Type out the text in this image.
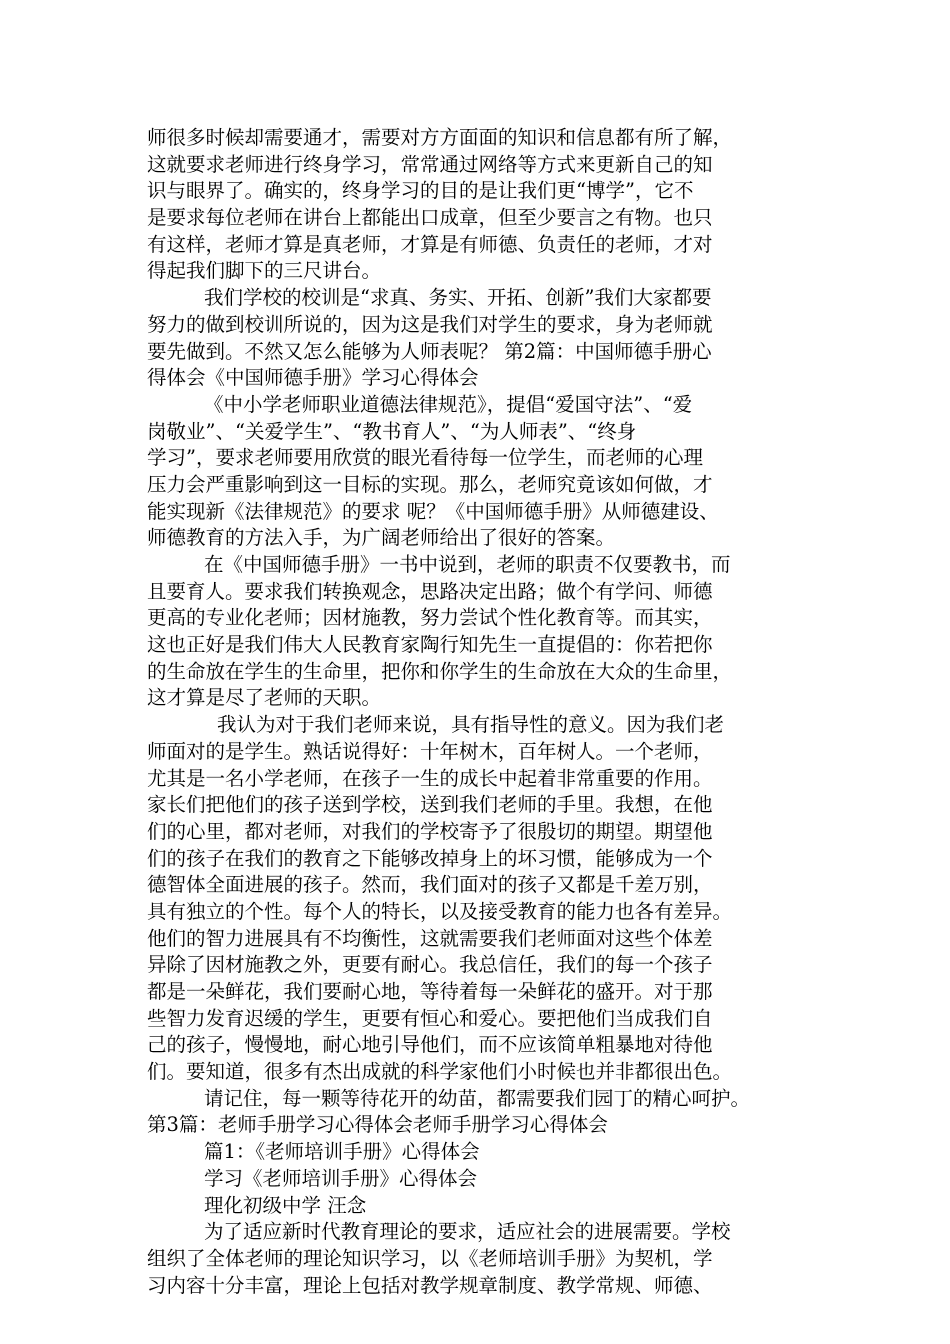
师很多时候却需要通才，需要对方方面面的知识和信息都有所了解，
这就要求老师进行终身学习，常常通过网络等方式来更新自己的知
识与眼界了。确实的，终身学习的目的是让我们更“博学”，它不
是要求每位老师在讲台上都能出口成章，但至少要言之有物。也只
有这样，老师才算是真老师，才算是有师德、负责任的老师，才对
得起我们脚下的三尺讲台。
我们学校的校训是“求真、务实、开拓、创新”我们大家都要
努力的做到校训所说的，因为这是我们对学生的要求，身为老师就
要先做到。不然又怎么能够为人师表呢？ 第2篇：中国师德手册心
得体会《中国师德手册》学习心得体会
《中小学老师职业道德法律规范》，提倡“爱国守法”、“爱
岗敬业”、“关爱学生”、“教书育人”、“为人师表”、“终身
学习”，要求老师要用欣赏的眼光看待每一位学生，而老师的心理
压力会严重影响到这一目标的实现。那么，老师究竟该如何做，才
能实现新《法律规范》的要求 呢？《中国师德手册》从师德建设、
师德教育的方法入手，为广阔老师给出了很好的答案。
在《中国师德手册》一书中说到，老师的职责不仅要教书，而
且要育人。要求我们转换观念，思路决定出路；做个有学问、师德
更高的专业化老师；因材施教，努力尝试个性化教育等。而其实，
这也正好是我们伟大人民教育家陶行知先生一直提倡的：你若把你
的生命放在学生的生命里，把你和你学生的生命放在大众的生命里，
这才算是尽了老师的天职。
我认为对于我们老师来说，具有指导性的意义。因为我们老
师面对的是学生。熟话说得好：十年树木，百年树人。一个老师，
尤其是一名小学老师，在孩子一生的成长中起着非常重要的作用。
家长们把他们的孩子送到学校，送到我们老师的手里。我想，在他
们的心里，都对老师，对我们的学校寄予了很殷切的期望。期望他
们的孩子在我们的教育之下能够改掉身上的坏习惯，能够成为一个
德智体全面进展的孩子。然而，我们面对的孩子又都是千差万别，
具有独立的个性。每个人的特长，以及接受教育的能力也各有差异。
他们的智力进展具有不均衡性，这就需要我们老师面对这些个体差
异除了因材施教之外，更要有耐心。我总信任，我们的每一个孩子
都是一朵鲜花，我们要耐心地，等待着每一朵鲜花的盛开。对于那
些智力发育迟缓的学生，更要有恒心和爱心。要把他们当成我们自
己的孩子，慢慢地，耐心地引导他们，而不应该简单粗暴地对待他
们。要知道，很多有杰出成就的科学家他们小时候也并非都很出色。
请记住，每一颗等待花开的幼苗，都需要我们园丁的精心呵护。
第3篇：老师手册学习心得体会老师手册学习心得体会
篇1：《老师培训手册》心得体会
学习《老师培训手册》心得体会
理化初级中学 汪念
为了适应新时代教育理论的要求，适应社会的进展需要。学校
组织了全体老师的理论知识学习，以《老师培训手册》为契机，学
习内容十分丰富，理论上包括对教学规章制度、教学常规、师德、
